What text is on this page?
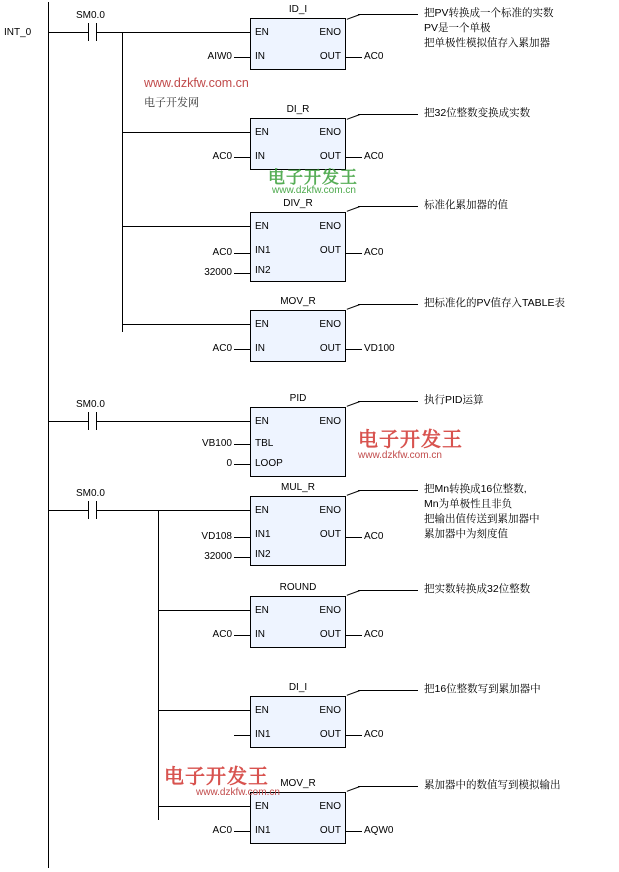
INT_0
SM0.0
ID_I
EN	ENO
IN	OUT
AIW0	AC0
把PV转换成一个标准的实数
PV是一个单极
把单极性模拟值存入累加器
DI_R
EN	ENO
IN	OUT
AC0	AC0
把32位整数变换成实数
DIV_R
EN	ENO
IN1	OUT
IN2
AC0
32000
AC0
标准化累加器的值
MOV_R
EN	ENO
IN	OUT
AC0	VD100
把标准化的PV值存入TABLE表
SM0.0
PID
EN	ENO
TBL
LOOP
VB100
0
执行PID运算
SM0.0
MUL_R
EN	ENO
IN1	OUT
IN2
VD108
32000
AC0
把Mn转换成16位整数,
Mn为单极性且非负
把输出值传送到累加器中
累加器中为刻度值
ROUND
EN	ENO
IN	OUT
AC0	AC0
把实数转换成32位整数
DI_I
EN	ENO
IN1	OUT AC0
把16位整数写到累加器中
MOV_R
EN	ENO
IN1	OUT
AC0	AQW0
累加器中的数值写到模拟输出
www.dzkfw.com.cn
电子开发网
电子开发王
www.dzkfw.com.cn
电子开发王
www.dzkfw.com.cn
电子开发王
www.dzkfw.com.cn
